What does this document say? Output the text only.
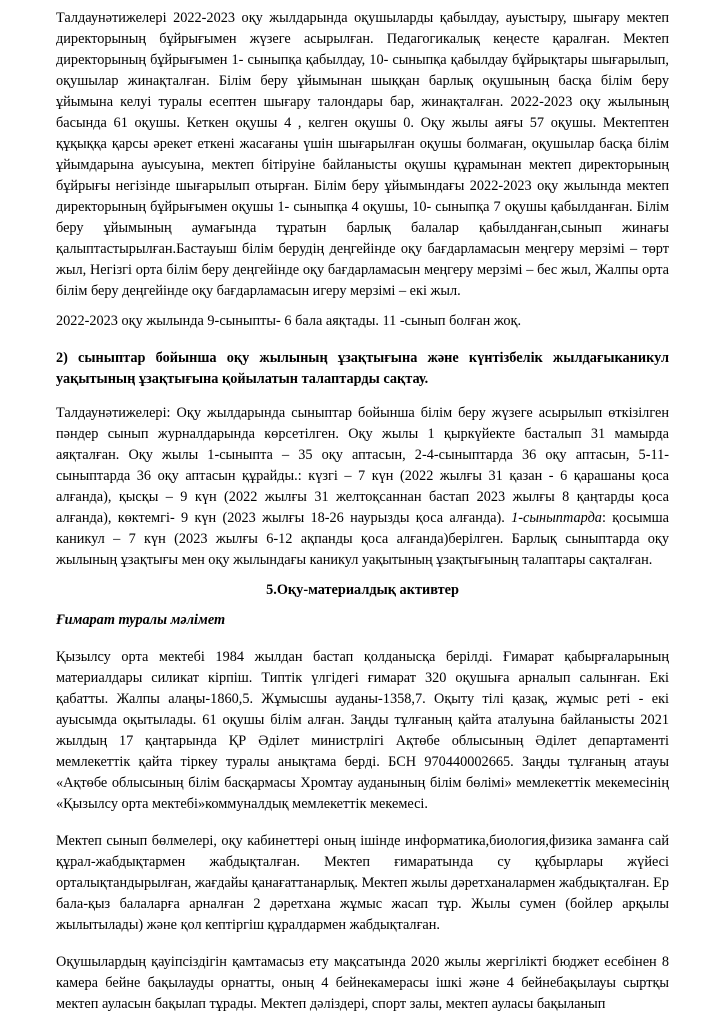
Талдаунәтижелері 2022-2023 оқу жылдарында оқушыларды қабылдау, ауыстыру, шығару мектеп директорының бұйрығымен жүзеге асырылған. Педагогикалық кеңесте қаралған. Мектеп директорының бұйрығымен 1- сыныпқа қабылдау, 10- сыныпқа қабылдау бұйрықтары шығарылып, оқушылар жинақталған. Білім беру ұйымынан шыққан барлық оқушының басқа білім беру ұйымына келуі туралы есептен шығару талондары бар, жинақталған. 2022-2023 оқу жылының басында 61 оқушы. Кеткен оқушы 4 , келген оқушы 0. Оқу жылы аяғы 57 оқушы. Мектептен құқыққа қарсы әрекет еткені жасағаны үшін шығарылған оқушы болмаған, оқушылар басқа білім ұйымдарына ауысуына, мектеп бітіруіне байланысты оқушы құрамынан мектеп директорының бұйрығы негізінде шығарылып отырған. Білім беру ұйымындағы 2022-2023 оқу жылында мектеп директорының бұйрығымен оқушы 1- сыныпқа 4 оқушы, 10- сыныпқа 7 оқушы қабылданған. Білім беру ұйымының аумағында тұратын барлық балалар қабылданған,сынып жинағы қалыптастырылған.Бастауыш білім берудің деңгейінде оқу бағдарламасын меңгеру мерзімі – төрт жыл, Негізгі орта білім беру деңгейінде оқу бағдарламасын меңгеру мерзімі – бес жыл, Жалпы орта білім беру деңгейінде оқу бағдарламасын игеру мерзімі – екі жыл.

2022-2023 оқу жылында 9-сыныпты- 6 бала аяқтады. 11 -сынып болған жоқ.

2) сыныптар бойынша оқу жылының ұзақтығына және күнтізбелік жылдағыканикул уақытының ұзақтығына қойылатын талаптарды сақтау.

Талдаунәтижелері: Оқу жылдарында сыныптар бойынша білім беру жүзеге асырылып өткізілген пәндер сынып журналдарында көрсетілген. Оқу жылы 1 қыркүйекте басталып 31 мамырда аяқталған. Оқу жылы 1-сыныпта – 35 оқу аптасын, 2-4-сыныптарда 36 оқу аптасын, 5-11-сыныптарда 36 оқу аптасын құрайды.: күзгі – 7 күн (2022 жылғы 31 қазан - 6 қарашаны қоса алғанда), қысқы – 9 күн (2022 жылғы 31 желтоқсаннан бастап 2023 жылғы 8 қаңтарды қоса алғанда), көктемгі- 9 күн (2023 жылғы 18-26 наурызды қоса алғанда). 1-сыныптарда: қосымша каникул – 7 күн (2023 жылғы 6-12 ақпанды қоса алғанда)берілген. Барлық сыныптарда оқу жылының ұзақтығы мен оқу жылындағы каникул уақытының ұзақтығының талаптары сақталған.

5.Оқу-материалдық активтер

Ғимарат туралы мәлімет

Қызылсу орта мектебі 1984 жылдан бастап қолданысқа берілді. Ғимарат қабырғаларының материалдары силикат кірпіш. Типтік үлгідегі ғимарат 320 оқушыға арналып салынған. Екі қабатты. Жалпы алаңы-1860,5. Жұмысшы ауданы-1358,7. Оқыту тілі қазақ, жұмыс реті - екі ауысымда оқытылады. 61 оқушы білім алған. Заңды тұлғаның қайта аталуына байланысты 2021 жылдың 17 қаңтарында ҚР Әділет министрлігі Ақтөбе облысының Әділет департаменті мемлекеттік қайта тіркеу туралы анықтама берді. БСН 970440002665. Заңды тұлғаның атауы «Ақтөбе облысының білім басқармасы Хромтау ауданының білім бөлімі» мемлекеттік мекемесінің «Қызылсу орта мектебі»коммуналдық мемлекеттік мекемесі.

Мектеп сынып бөлмелері, оқу кабинеттері оның ішінде информатика,биология,физика заманға сай құрал-жабдықтармен жабдықталған. Мектеп ғимаратында су құбырлары жүйесі орталықтандырылған, жағдайы қанағаттанарлық. Мектеп жылы дәретханалармен жабдықталған. Ер бала-қыз балаларға арналған 2 дәретхана жұмыс жасап тұр. Жылы сумен (бойлер арқылы жылытылады) және қол кептіргіш құралдармен жабдықталған.

Оқушылардың қауіпсіздігін қамтамасыз ету мақсатында 2020 жылы жергілікті бюджет есебінен 8 камера бейне бақылауды орнатты, оның 4 бейнекамерасы ішкі және 4 бейнебақылауы сыртқы мектеп ауласын бақылап тұрады. Мектеп дәліздері, спорт залы, мектеп ауласы бақыланып
